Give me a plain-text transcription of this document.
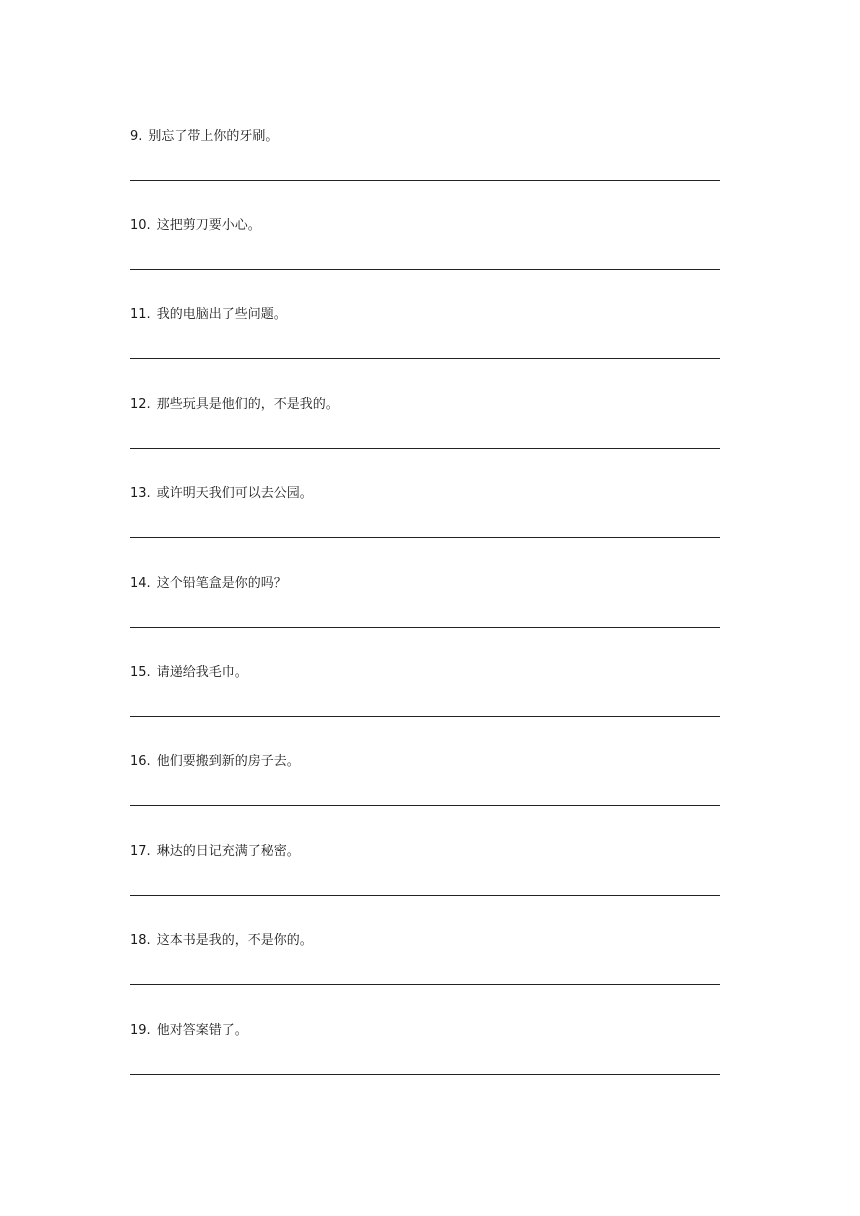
9. 别忘了带上你的牙刷。
10. 这把剪刀要小心。
11. 我的电脑出了些问题。
12. 那些玩具是他们的，不是我的。
13. 或许明天我们可以去公园。
14. 这个铅笔盒是你的吗？
15. 请递给我毛巾。
16. 他们要搬到新的房子去。
17. 琳达的日记充满了秘密。
18. 这本书是我的，不是你的。
19. 他对答案错了。
